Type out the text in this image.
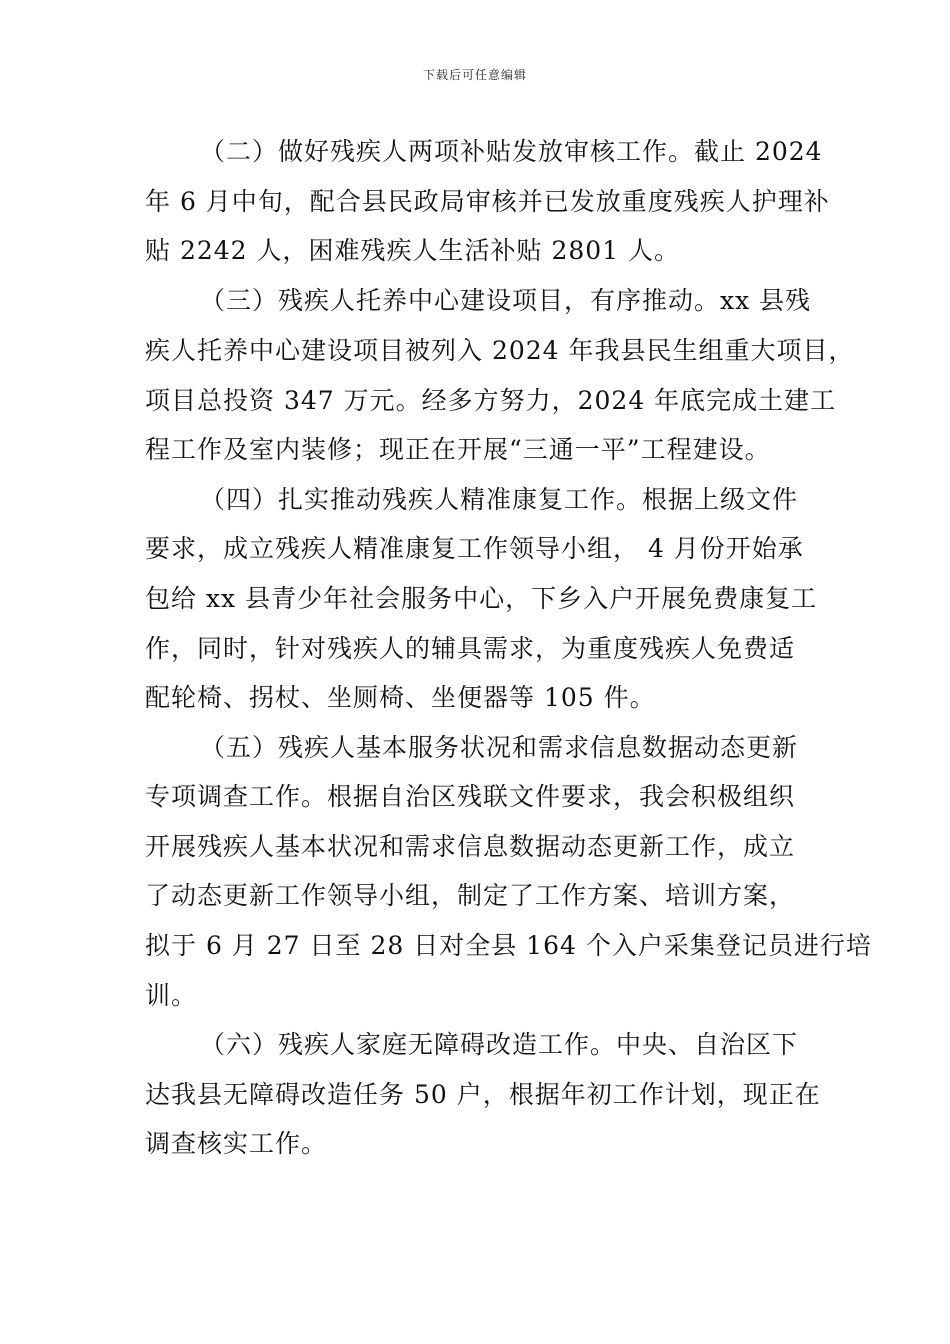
下载后可任意编辑
（二）做好残疾人两项补贴发放审核工作。截止 2024
年 6 月中旬，配合县民政局审核并已发放重度残疾人护理补
贴 2242 人，困难残疾人生活补贴 2801 人。
（三）残疾人托养中心建设项目，有序推动。xx 县残
疾人托养中心建设项目被列入 2024 年我县民生组重大项目，
项目总投资 347 万元。经多方努力，2024 年底完成土建工
程工作及室内装修；现正在开展“三通一平”工程建设。
（四）扎实推动残疾人精准康复工作。根据上级文件
要求，成立残疾人精准康复工作领导小组， 4 月份开始承
包给 xx 县青少年社会服务中心，下乡入户开展免费康复工
作，同时，针对残疾人的辅具需求，为重度残疾人免费适
配轮椅、拐杖、坐厕椅、坐便器等 105 件。
（五）残疾人基本服务状况和需求信息数据动态更新
专项调查工作。根据自治区残联文件要求，我会积极组织
开展残疾人基本状况和需求信息数据动态更新工作，成立
了动态更新工作领导小组，制定了工作方案、培训方案，
拟于 6 月 27 日至 28 日对全县 164 个入户采集登记员进行培
训。
（六）残疾人家庭无障碍改造工作。中央、自治区下
达我县无障碍改造任务 50 户，根据年初工作计划，现正在
调查核实工作。
